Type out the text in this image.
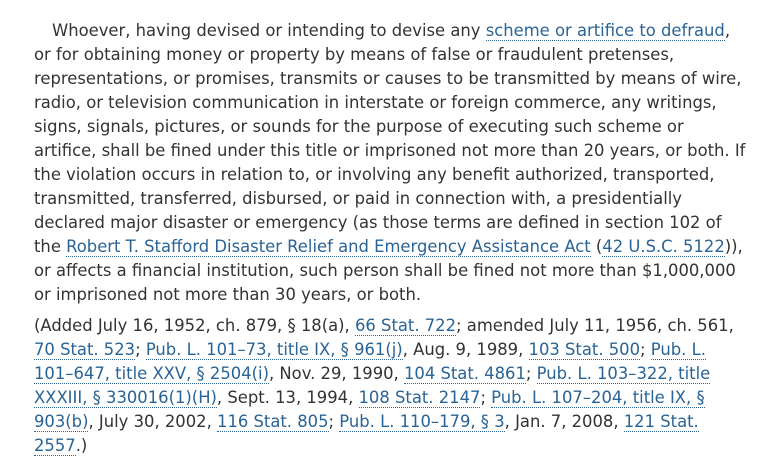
Whoever, having devised or intending to devise any scheme or artifice to defraud, or for obtaining money or property by means of false or fraudulent pretenses, representations, or promises, transmits or causes to be transmitted by means of wire, radio, or television communication in interstate or foreign commerce, any writings, signs, signals, pictures, or sounds for the purpose of executing such scheme or artifice, shall be fined under this title or imprisoned not more than 20 years, or both. If the violation occurs in relation to, or involving any benefit authorized, transported, transmitted, transferred, disbursed, or paid in connection with, a presidentially declared major disaster or emergency (as those terms are defined in section 102 of the Robert T. Stafford Disaster Relief and Emergency Assistance Act (42 U.S.C. 5122)), or affects a financial institution, such person shall be fined not more than $1,000,000 or imprisoned not more than 30 years, or both.

(Added July 16, 1952, ch. 879, § 18(a), 66 Stat. 722; amended July 11, 1956, ch. 561, 70 Stat. 523; Pub. L. 101–73, title IX, § 961(j), Aug. 9, 1989, 103 Stat. 500; Pub. L. 101–647, title XXV, § 2504(i), Nov. 29, 1990, 104 Stat. 4861; Pub. L. 103–322, title XXXIII, § 330016(1)(H), Sept. 13, 1994, 108 Stat. 2147; Pub. L. 107–204, title IX, § 903(b), July 30, 2002, 116 Stat. 805; Pub. L. 110–179, § 3, Jan. 7, 2008, 121 Stat. 2557.)
